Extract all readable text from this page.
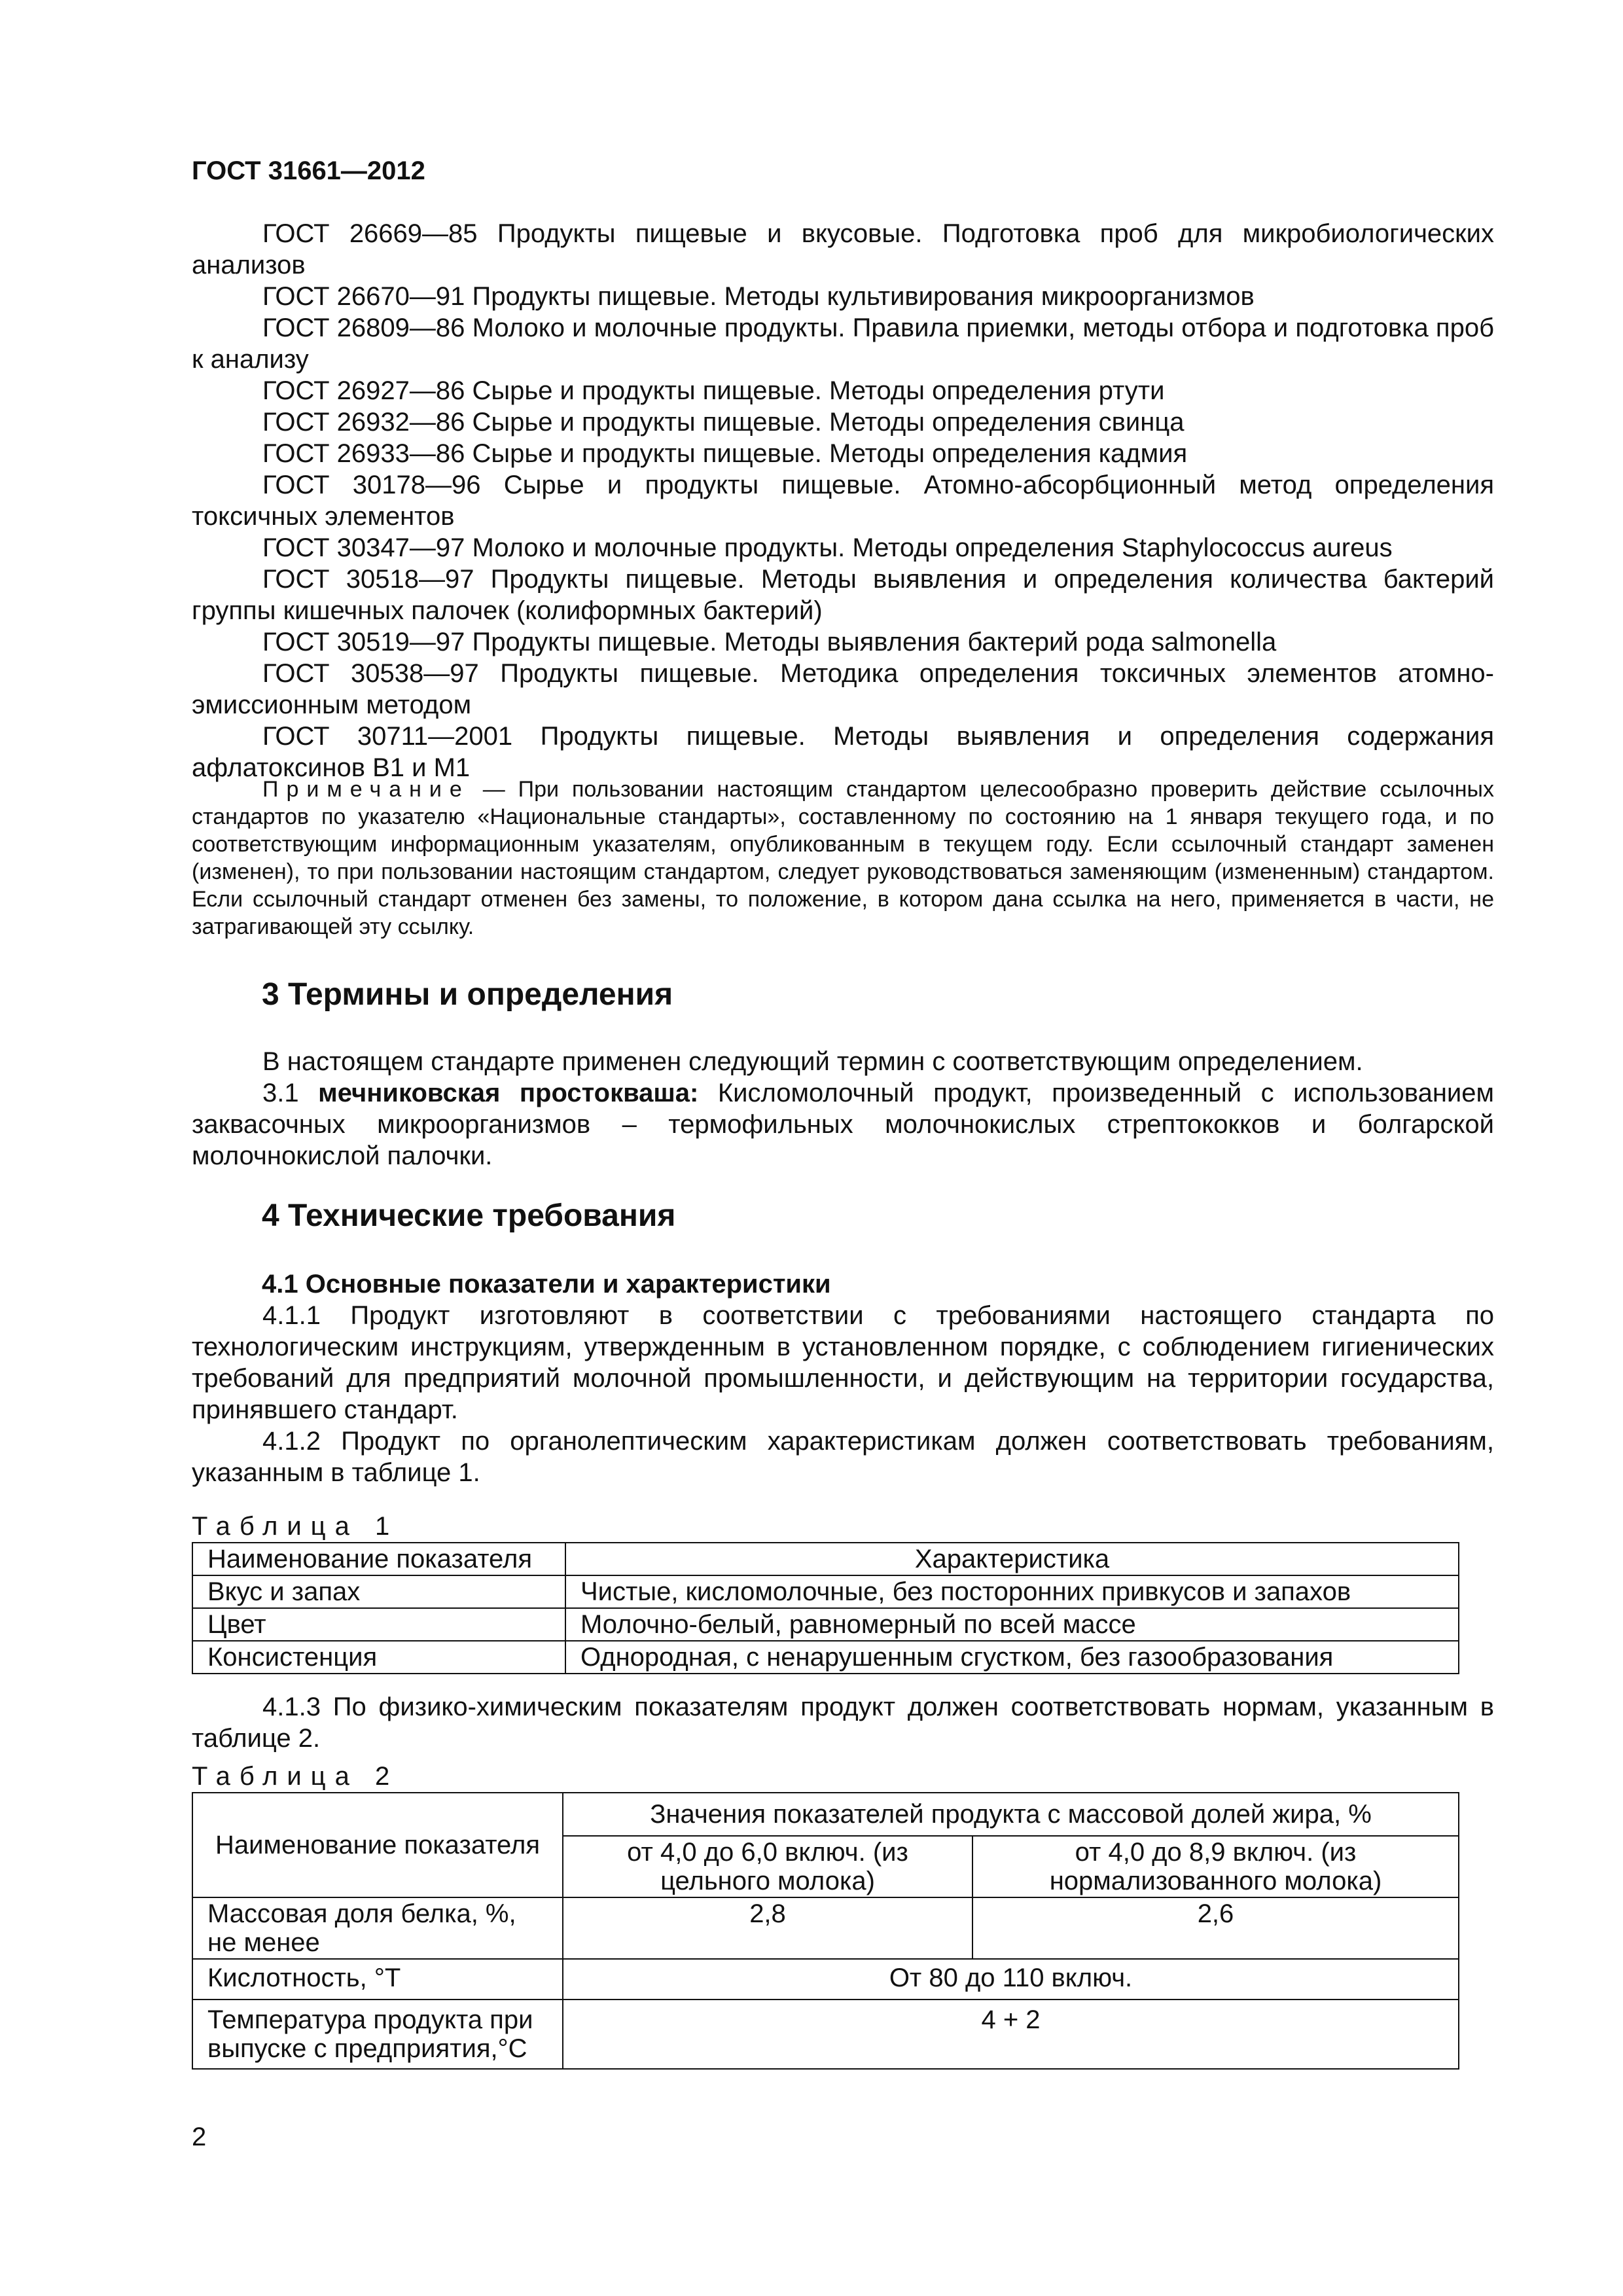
ГОСТ 31661—2012

ГОСТ 26669—85 Продукты пищевые и вкусовые. Подготовка проб для микробиологических анализов

ГОСТ 26670—91 Продукты пищевые. Методы культивирования микроорганизмов

ГОСТ 26809—86 Молоко и молочные продукты. Правила приемки, методы отбора и подготовка проб к анализу

ГОСТ 26927—86 Сырье и продукты пищевые. Методы определения ртути

ГОСТ 26932—86 Сырье и продукты пищевые. Методы определения свинца

ГОСТ 26933—86 Сырье и продукты пищевые. Методы определения кадмия

ГОСТ 30178—96 Сырье и продукты пищевые. Атомно-абсорбционный метод определения токсичных элементов

ГОСТ 30347—97 Молоко и молочные продукты. Методы определения Staphylococcus aureus

ГОСТ 30518—97 Продукты пищевые. Методы выявления и определения количества бактерий группы кишечных палочек (колиформных бактерий)

ГОСТ 30519—97 Продукты пищевые. Методы выявления бактерий рода salmonella

ГОСТ 30538—97 Продукты пищевые. Методика определения токсичных элементов атомно-эмиссионным методом

ГОСТ 30711—2001 Продукты пищевые. Методы выявления и определения содержания афлатоксинов B1 и M1

Примечание — При пользовании настоящим стандартом целесообразно проверить действие ссылочных стандартов по указателю «Национальные стандарты», составленному по состоянию на 1 января текущего года, и по соответствующим информационным указателям, опубликованным в текущем году. Если ссылочный стандарт заменен (изменен), то при пользовании настоящим стандартом, следует руководствоваться заменяющим (измененным) стандартом. Если ссылочный стандарт отменен без замены, то положение, в котором дана ссылка на него, применяется в части, не затрагивающей эту ссылку.

3 Термины и определения

В настоящем стандарте применен следующий термин с соответствующим определением.

3.1 мечниковская простокваша: Кисломолочный продукт, произведенный с использованием заквасочных микроорганизмов – термофильных молочнокислых стрептококков и болгарской молочнокислой палочки.

4 Технические требования
4.1 Основные показатели и характеристики

4.1.1 Продукт изготовляют в соответствии с требованиями настоящего стандарта по технологическим инструкциям, утвержденным в установленном порядке, с соблюдением гигиенических требований для предприятий молочной промышленности, и действующим на территории государства, принявшего стандарт.

4.1.2 Продукт по органолептическим характеристикам должен соответствовать требованиям, указанным в таблице 1.

Таблица 1

Наименование показателя	Характеристика
Вкус и запах	Чистые, кисломолочные, без посторонних привкусов и запахов
Цвет	Молочно-белый, равномерный по всей массе
Консистенция	Однородная, с ненарушенным сгустком, без газообразования

4.1.3 По физико-химическим показателям продукт должен соответствовать нормам, указанным в таблице 2.

Таблица 2

Наименование показателя	Значения показателей продукта с массовой долей жира, %	
	от 4,0 до 6,0 включ. (из цельного молока)	от 4,0 до 8,9 включ. (из нормализованного молока)
Массовая доля белка, %, не менее	2,8	2,6
Кислотность, °Т	От 80 до 110 включ.	
Температура продукта при выпуске с предприятия,°С	4 + 2	

2
